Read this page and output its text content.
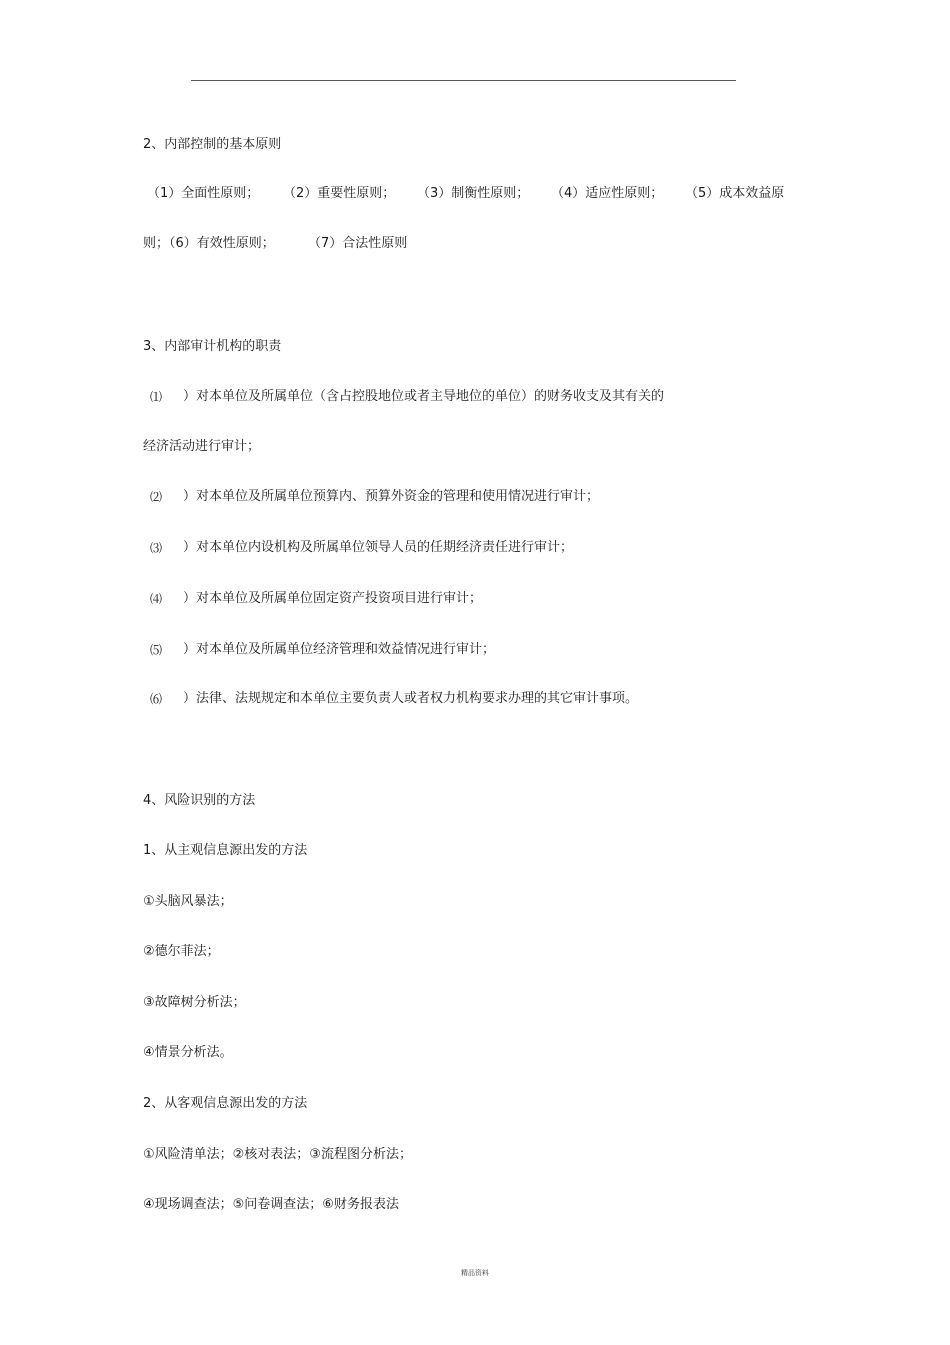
2、内部控制的基本原则
（1）全面性原则； （2）重要性原则； （3）制衡性原则； （4）适应性原则； （5）成本效益原
则；（6）有效性原则；	（7）合法性原则
3、内部审计机构的职责
⑴ ）对本单位及所属单位（含占控股地位或者主导地位的单位）的财务收支及其有关的
经济活动进行审计；
⑵ ）对本单位及所属单位预算内、预算外资金的管理和使用情况进行审计；
⑶ ）对本单位内设机构及所属单位领导人员的任期经济责任进行审计；
⑷ ）对本单位及所属单位固定资产投资项目进行审计；
⑸ ）对本单位及所属单位经济管理和效益情况进行审计；
⑹ ）法律、法规规定和本单位主要负责人或者权力机构要求办理的其它审计事项。
4、风险识别的方法
1、从主观信息源出发的方法
①头脑风暴法；
②德尔菲法；
③故障树分析法；
④情景分析法。
2、从客观信息源出发的方法
①风险清单法；②核对表法；③流程图分析法；
④现场调查法；⑤问卷调查法；⑥财务报表法
精品资料
